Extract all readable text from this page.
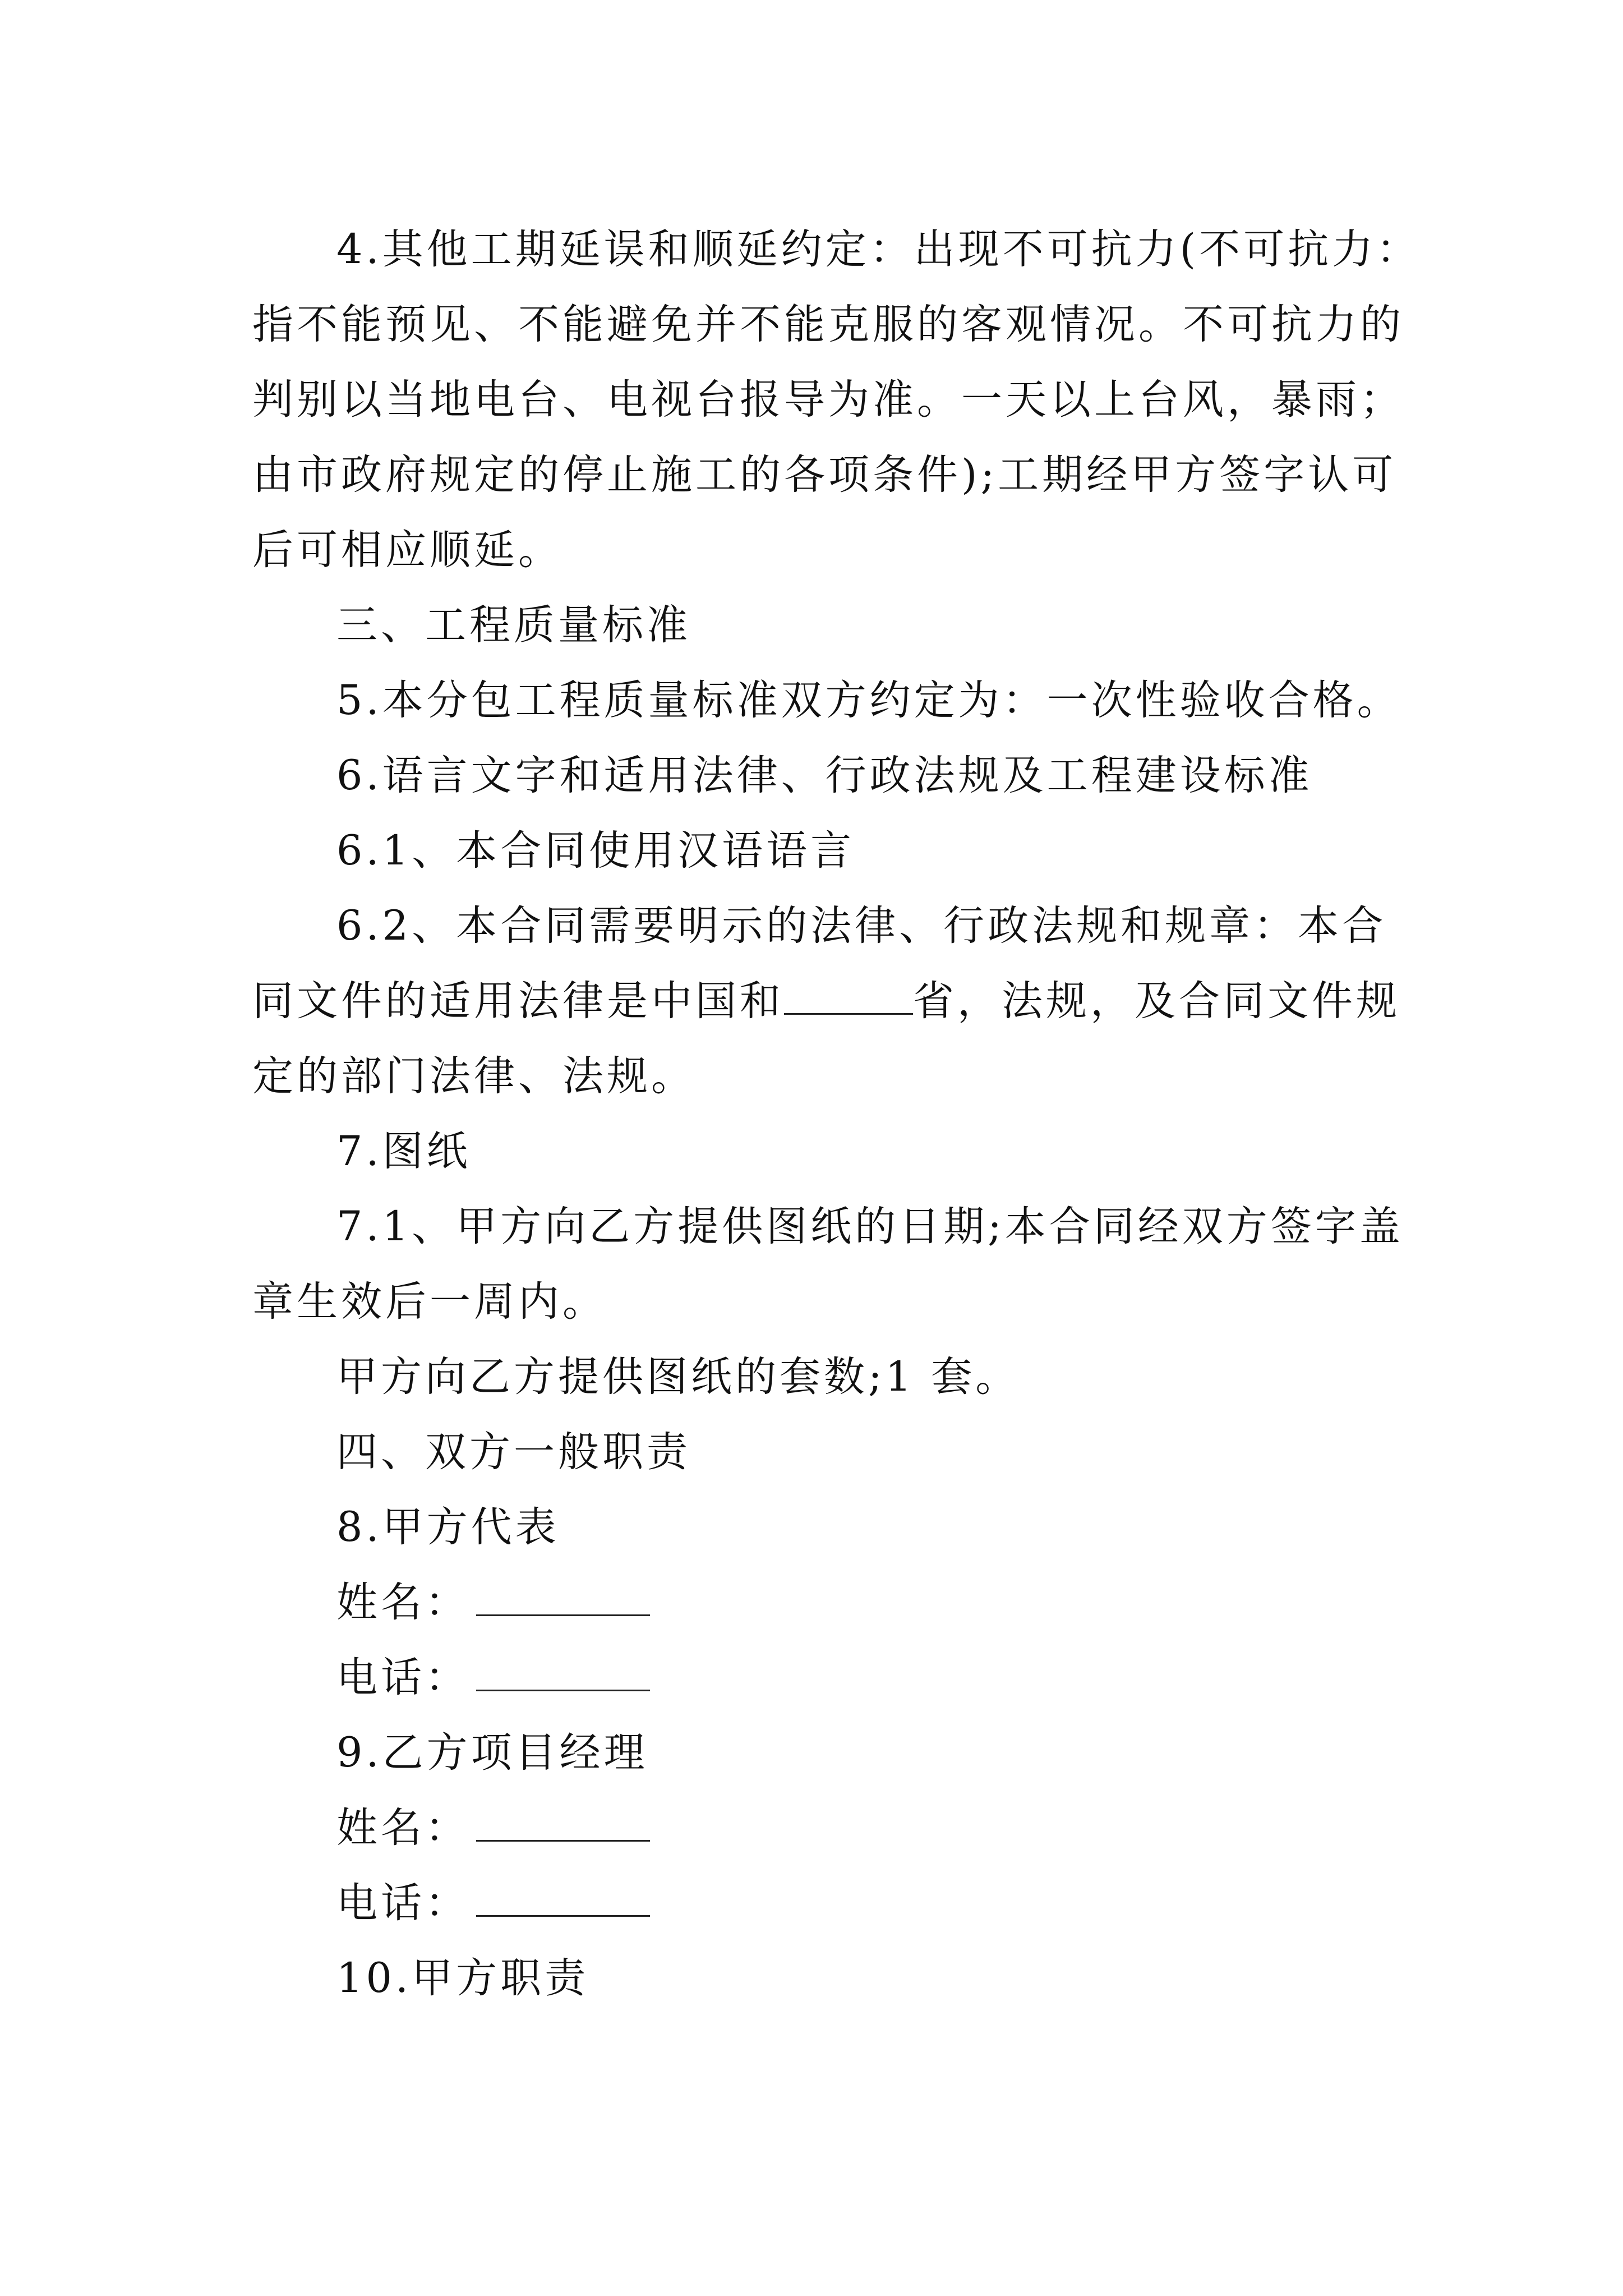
4.其他工期延误和顺延约定：出现不可抗力(不可抗力：指不能预见、不能避免并不能克服的客观情况。不可抗力的判别以当地电台、电视台报导为准。一天以上台风，暴雨；由市政府规定的停止施工的各项条件);工期经甲方签字认可后可相应顺延。

三、工程质量标准

5.本分包工程质量标准双方约定为：一次性验收合格。

6.语言文字和适用法律、行政法规及工程建设标准

6.1、本合同使用汉语语言

6.2、本合同需要明示的法律、行政法规和规章：本合同文件的适用法律是中国和	省，法规，及合同文件规定的部门法律、法规。

7.图纸

7.1、甲方向乙方提供图纸的日期;本合同经双方签字盖章生效后一周内。

甲方向乙方提供图纸的套数;1 套。

四、双方一般职责

8.甲方代表

姓名：

电话：

9.乙方项目经理

姓名：

电话：

10.甲方职责
